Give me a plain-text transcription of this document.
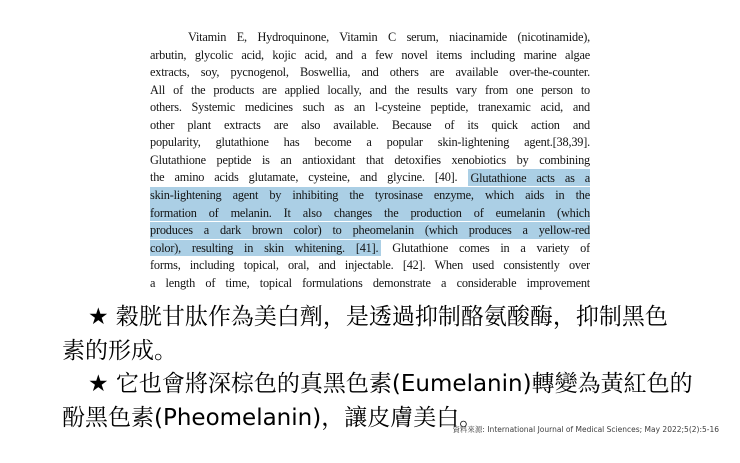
Vitamin E, Hydroquinone, Vitamin C serum, niacinamide (nicotinamide),
arbutin, glycolic acid, kojic acid, and a few novel items including marine algae
extracts, soy, pycnogenol, Boswellia, and others are available over-the-counter.
All of the products are applied locally, and the results vary from one person to
others. Systemic medicines such as an l-cysteine peptide, tranexamic acid, and
other plant extracts are also available. Because of its quick action and
popularity, glutathione has become a popular skin-lightening agent.[38,39].
Glutathione peptide is an antioxidant that detoxifies xenobiotics by combining
the amino acids glutamate, cysteine, and glycine. [40]. Glutathione acts as a
skin-lightening agent by inhibiting the tyrosinase enzyme, which aids in the
formation of melanin. It also changes the production of eumelanin (which
produces a dark brown color) to pheomelanin (which produces a yellow-red
color), resulting in skin whitening. [41]. Glutathione comes in a variety of
forms, including topical, oral, and injectable. [42]. When used consistently over
a length of time, topical formulations demonstrate a considerable improvement
★ 穀胱甘肽作為美白劑，是透過抑制酪氨酸酶，抑制黑色
素的形成。
★ 它也會將深棕色的真黑色素(Eumelanin)轉變為黃紅色的
酚黑色素(Pheomelanin)，讓皮膚美白。
資料來源: International Journal of Medical Sciences; May 2022;5(2):5-16
